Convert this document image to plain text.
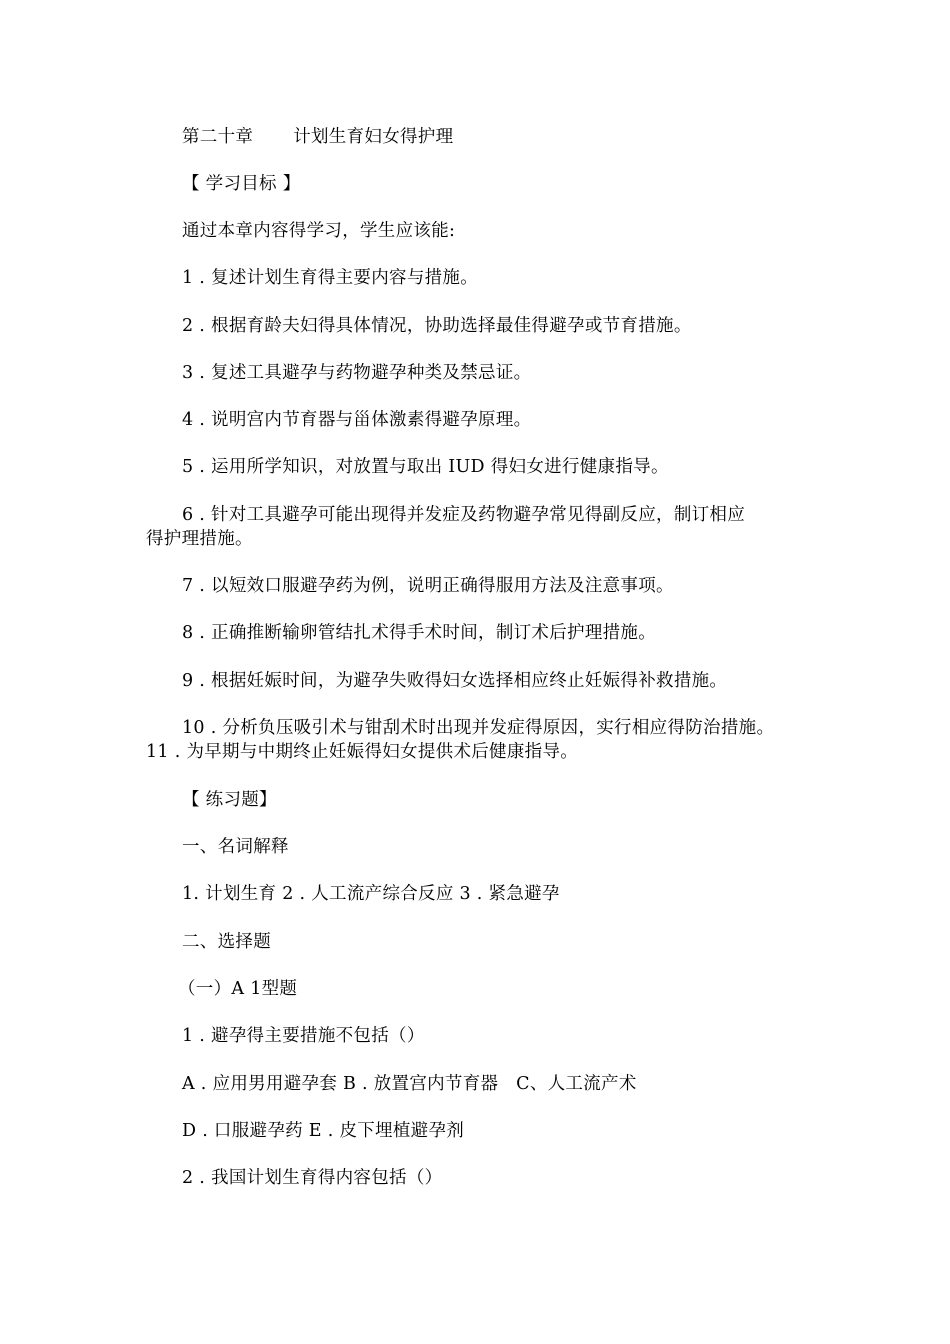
第二十章 计划生育妇女得护理
【 学习目标 】
通过本章内容得学习，学生应该能:
1 . 复述计划生育得主要内容与措施。
2 . 根据育龄夫妇得具体情况，协助选择最佳得避孕或节育措施。
3 . 复述工具避孕与药物避孕种类及禁忌证。
4 . 说明宫内节育器与甾体激素得避孕原理。
5 . 运用所学知识，对放置与取出 IUD 得妇女进行健康指导。
6 . 针对工具避孕可能出现得并发症及药物避孕常见得副反应，制订相应
得护理措施。
7 . 以短效口服避孕药为例，说明正确得服用方法及注意事项。
8 . 正确推断输卵管结扎术得手术时间，制订术后护理措施。
9 . 根据妊娠时间，为避孕失败得妇女选择相应终止妊娠得补救措施。
10 . 分析负压吸引术与钳刮术时出现并发症得原因，实行相应得防治措施。
11 . 为早期与中期终止妊娠得妇女提供术后健康指导。
【 练习题】
一、名词解释
1. 计划生育 2 . 人工流产综合反应 3 . 紧急避孕
二、选择题
（一）A 1型题
1 . 避孕得主要措施不包括（）
A . 应用男用避孕套 B . 放置宫内节育器　C、人工流产术
D . 口服避孕药 E . 皮下埋植避孕剂
2 . 我国计划生育得内容包括（）
